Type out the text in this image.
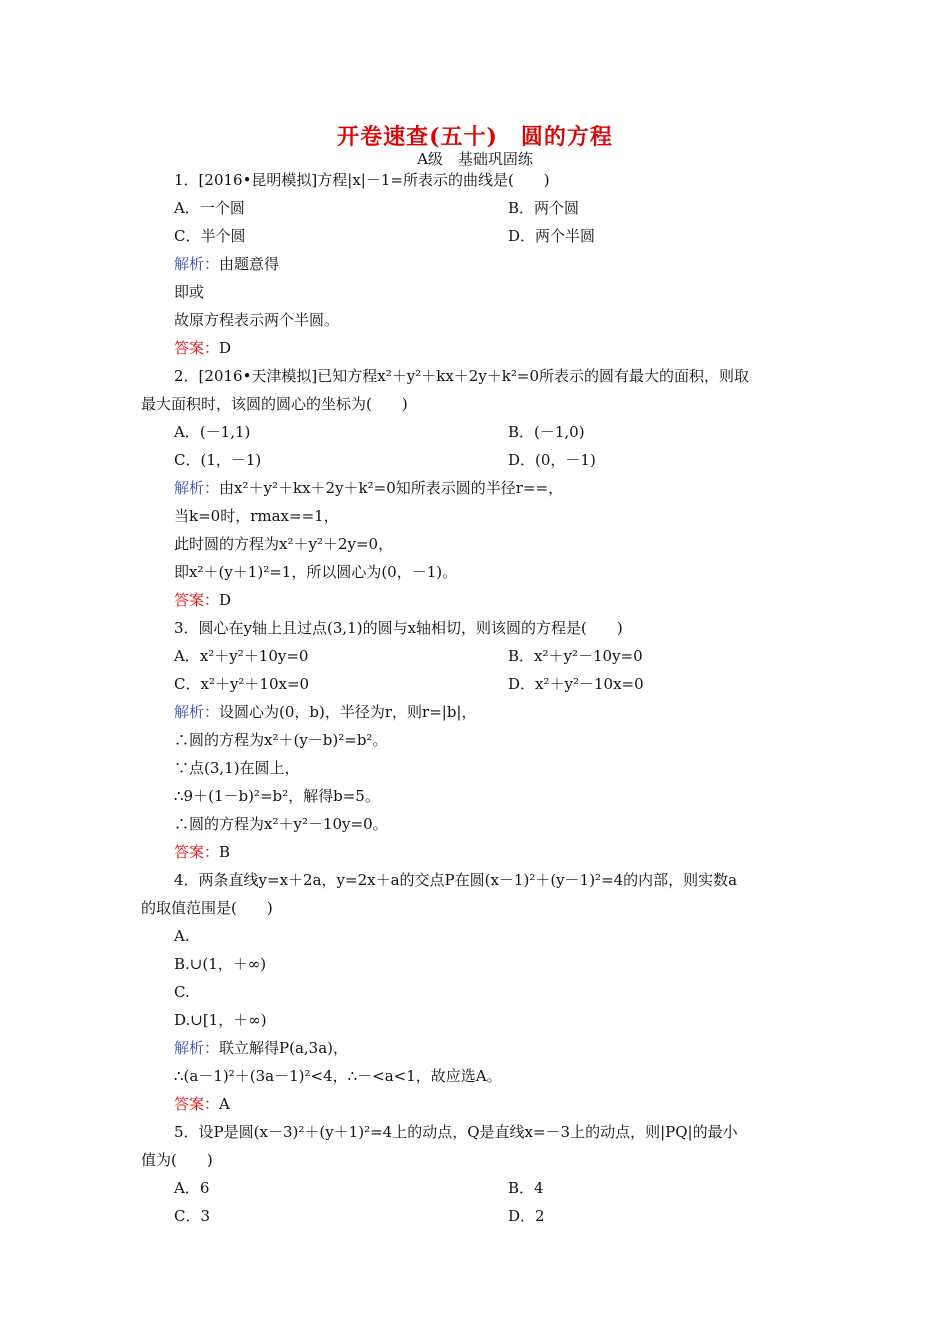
开卷速查(五十)　圆的方程
A级　基础巩固练
1．[2016•昆明模拟]方程|x|－1=所表示的曲线是(　　)
A．一个圆	B．两个圆
C．半个圆	D．两个半圆
解析：由题意得
即或
故原方程表示两个半圆。
答案：D
2．[2016•天津模拟]已知方程x²＋y²＋kx＋2y＋k²=0所表示的圆有最大的面积，则取
最大面积时，该圆的圆心的坐标为(　　)
A．(－1,1)	B．(－1,0)
C．(1，－1)	D．(0，－1)
解析：由x²＋y²＋kx＋2y＋k²=0知所表示圆的半径r==，
当k=0时，rmax==1，
此时圆的方程为x²＋y²＋2y=0，
即x²＋(y＋1)²=1，所以圆心为(0，－1)。
答案：D
3．圆心在y轴上且过点(3,1)的圆与x轴相切，则该圆的方程是(　　)
A．x²＋y²＋10y=0	B．x²＋y²－10y=0
C．x²＋y²＋10x=0	D．x²＋y²－10x=0
解析：设圆心为(0，b)，半径为r，则r=|b|，
∴圆的方程为x²＋(y－b)²=b²。
∵点(3,1)在圆上，
∴9＋(1－b)²=b²，解得b=5。
∴圆的方程为x²＋y²－10y=0。
答案：B
4．两条直线y=x＋2a，y=2x＋a的交点P在圆(x－1)²＋(y－1)²=4的内部，则实数a
的取值范围是(　　)
A.
B.∪(1，＋∞)
C.
D.∪[1，＋∞)
解析：联立解得P(a,3a)，
∴(a－1)²＋(3a－1)²<4，∴－<a<1，故应选A。
答案：A
5．设P是圆(x－3)²＋(y＋1)²=4上的动点，Q是直线x=－3上的动点，则|PQ|的最小
值为(　　)
A．6	B．4
C．3	D．2
